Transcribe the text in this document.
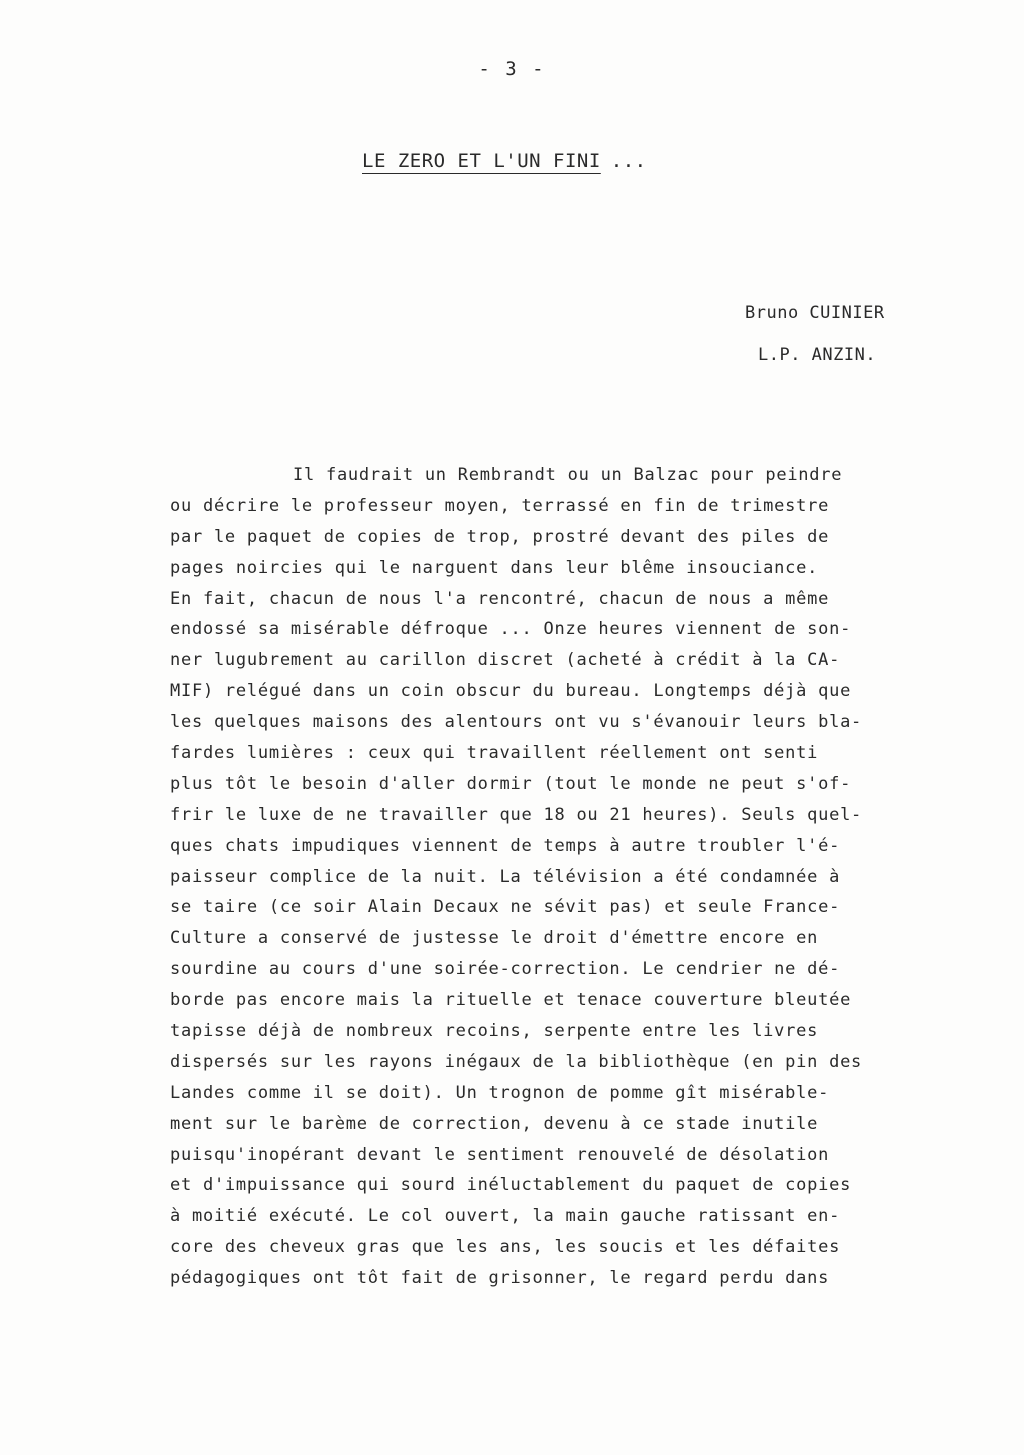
- 3 -
LE ZERO ET L'UN FINI ...
Bruno CUINIER
L.P. ANZIN.
Il faudrait un Rembrandt ou un Balzac pour peindre
ou décrire le professeur moyen, terrassé en fin de trimestre
par le paquet de copies de trop, prostré devant des piles de
pages noircies qui le narguent dans leur blême insouciance.
En fait, chacun de nous l'a rencontré, chacun de nous a même
endossé sa misérable défroque ... Onze heures viennent de son-
ner lugubrement au carillon discret (acheté à crédit à la CA-
MIF) relégué dans un coin obscur du bureau. Longtemps déjà que
les quelques maisons des alentours ont vu s'évanouir leurs bla-
fardes lumières : ceux qui travaillent réellement ont senti
plus tôt le besoin d'aller dormir (tout le monde ne peut s'of-
frir le luxe de ne travailler que 18 ou 21 heures). Seuls quel-
ques chats impudiques viennent de temps à autre troubler l'é-
paisseur complice de la nuit. La télévision a été condamnée à
se taire (ce soir Alain Decaux ne sévit pas) et seule France-
Culture a conservé de justesse le droit d'émettre encore en
sourdine au cours d'une soirée-correction. Le cendrier ne dé-
borde pas encore mais la rituelle et tenace couverture bleutée
tapisse déjà de nombreux recoins, serpente entre les livres
dispersés sur les rayons inégaux de la bibliothèque (en pin des
Landes comme il se doit). Un trognon de pomme gît misérable-
ment sur le barème de correction, devenu à ce stade inutile
puisqu'inopérant devant le sentiment renouvelé de désolation
et d'impuissance qui sourd inéluctablement du paquet de copies
à moitié exécuté. Le col ouvert, la main gauche ratissant en-
core des cheveux gras que les ans, les soucis et les défaites
pédagogiques ont tôt fait de grisonner, le regard perdu dans
